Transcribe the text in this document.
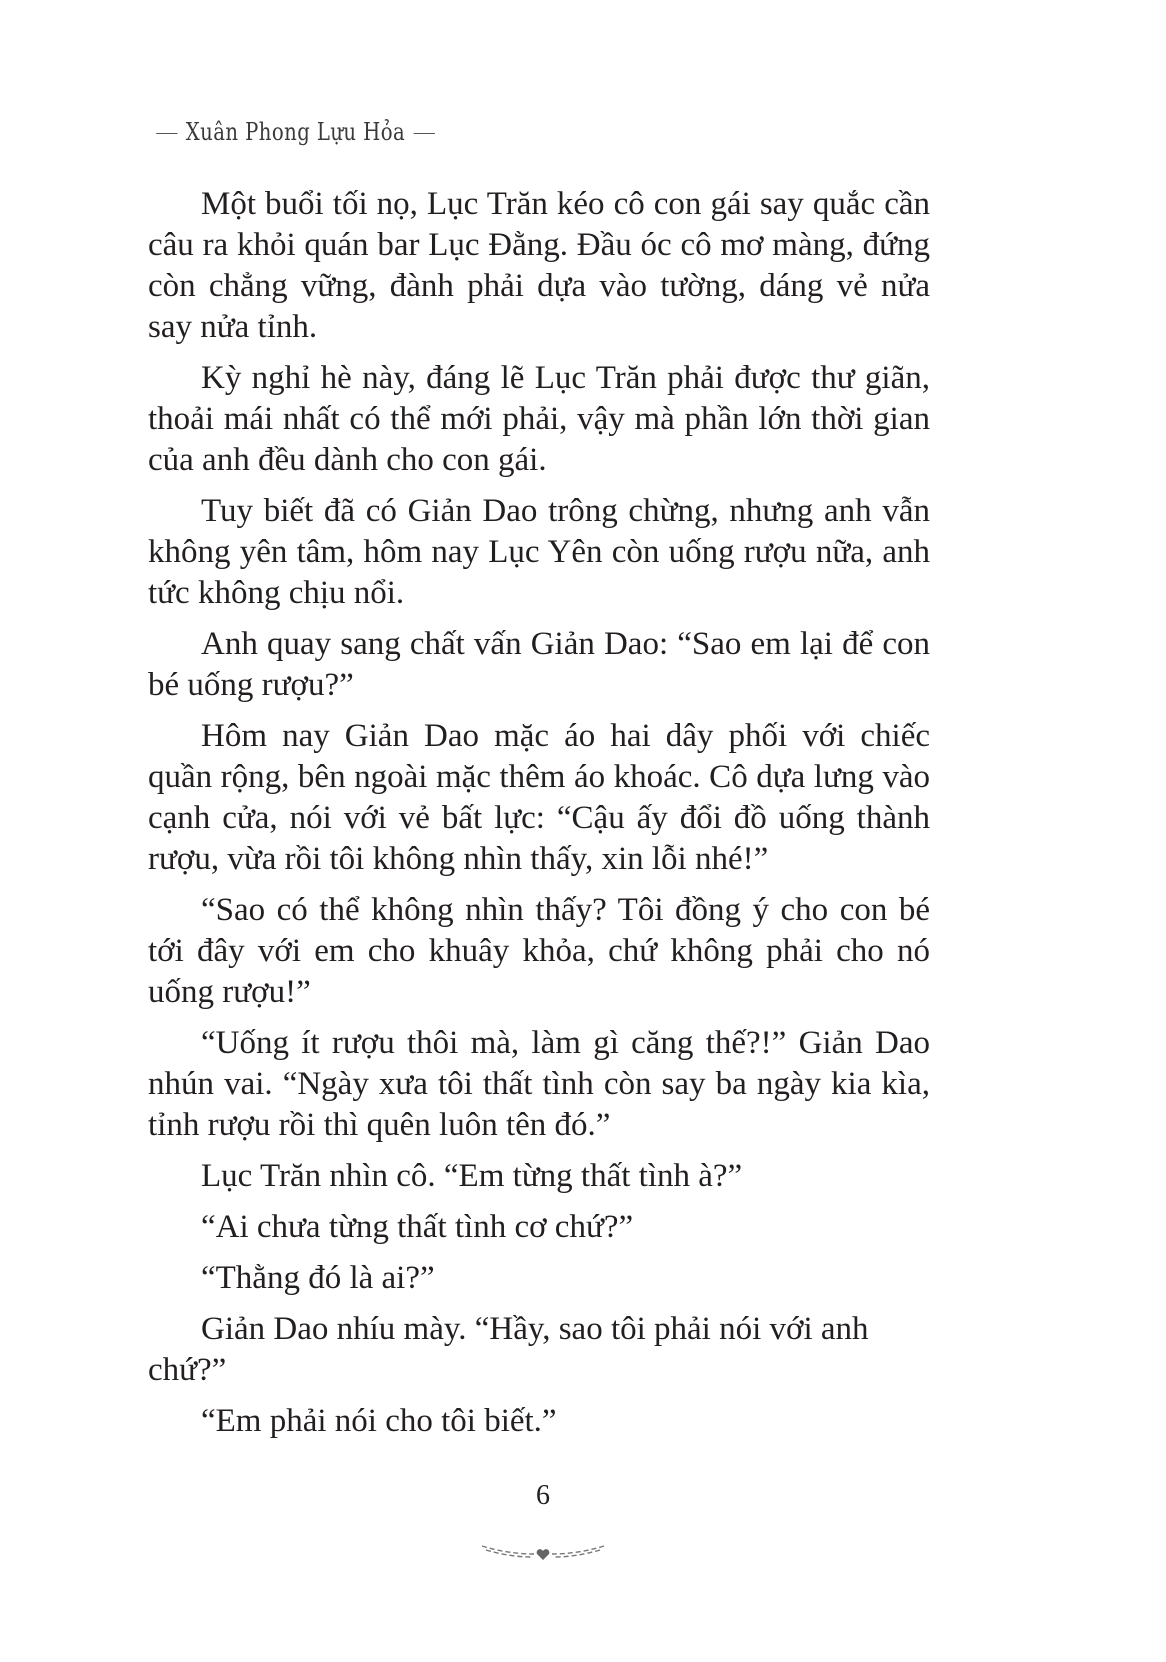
Xuân Phong Lựu Hỏa

Một buổi tối nọ, Lục Trăn kéo cô con gái say quắc cần câu ra khỏi quán bar Lục Đằng. Đầu óc cô mơ màng, đứng còn chẳng vững, đành phải dựa vào tường, dáng vẻ nửa say nửa tỉnh.

Kỳ nghỉ hè này, đáng lẽ Lục Trăn phải được thư giãn, thoải mái nhất có thể mới phải, vậy mà phần lớn thời gian của anh đều dành cho con gái.

Tuy biết đã có Giản Dao trông chừng, nhưng anh vẫn không yên tâm, hôm nay Lục Yên còn uống rượu nữa, anh tức không chịu nổi.

Anh quay sang chất vấn Giản Dao: “Sao em lại để con bé uống rượu?”

Hôm nay Giản Dao mặc áo hai dây phối với chiếc quần rộng, bên ngoài mặc thêm áo khoác. Cô dựa lưng vào cạnh cửa, nói với vẻ bất lực: “Cậu ấy đổi đồ uống thành rượu, vừa rồi tôi không nhìn thấy, xin lỗi nhé!”

“Sao có thể không nhìn thấy? Tôi đồng ý cho con bé tới đây với em cho khuây khỏa, chứ không phải cho nó uống rượu!”

“Uống ít rượu thôi mà, làm gì căng thế?!” Giản Dao nhún vai. “Ngày xưa tôi thất tình còn say ba ngày kia kìa, tỉnh rượu rồi thì quên luôn tên đó.”

Lục Trăn nhìn cô. “Em từng thất tình à?”

“Ai chưa từng thất tình cơ chứ?”

“Thằng đó là ai?”

Giản Dao nhíu mày. “Hầy, sao tôi phải nói với anh chứ?”

“Em phải nói cho tôi biết.”

6
